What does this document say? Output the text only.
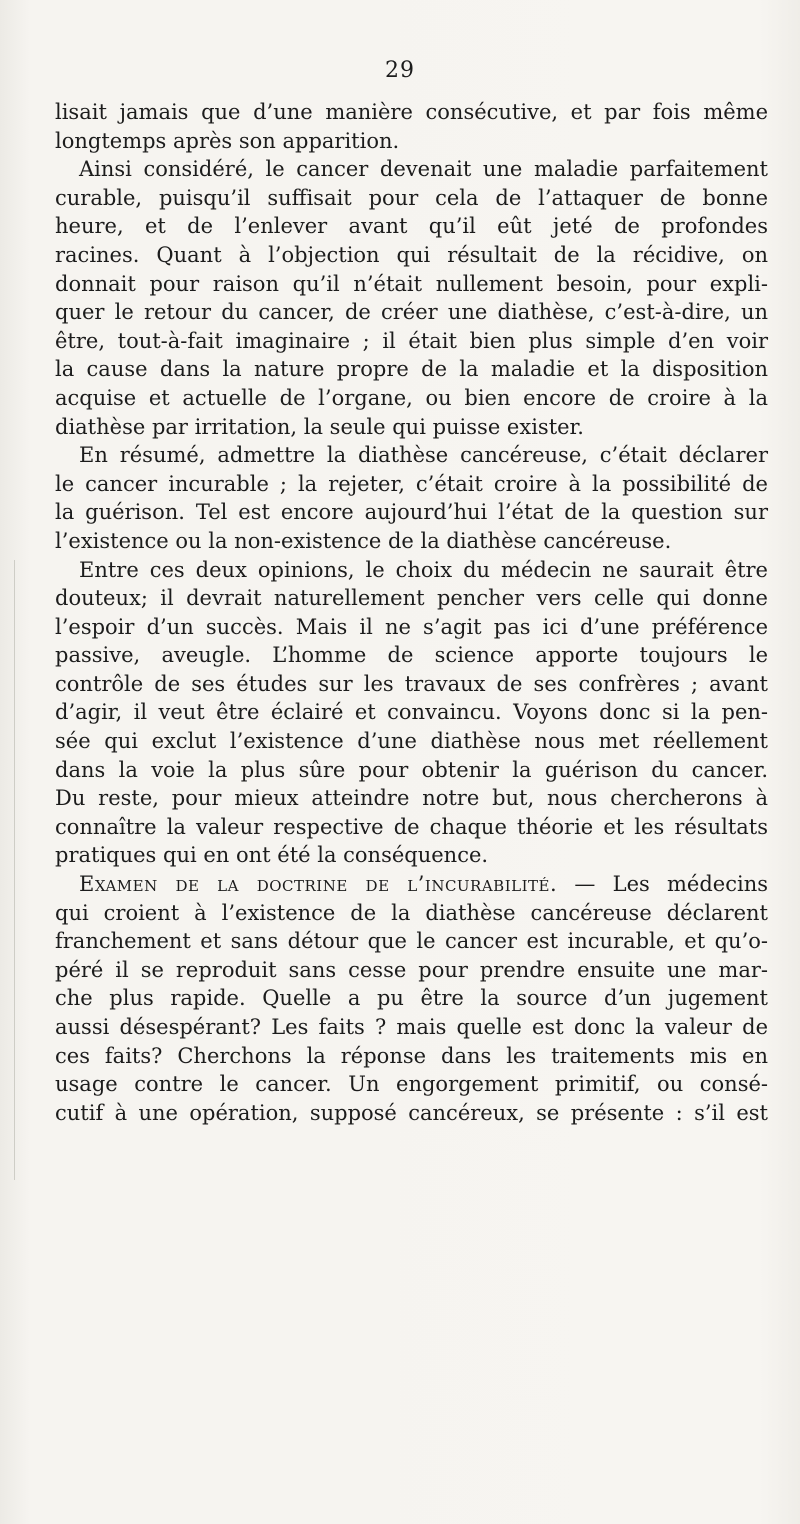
29
lisait jamais que d’une manière consécutive, et par fois même
longtemps après son apparition.
Ainsi considéré, le cancer devenait une maladie parfaitement
curable, puisqu’il suffisait pour cela de l’attaquer de bonne
heure, et de l’enlever avant qu’il eût jeté de profondes
racines. Quant à l’objection qui résultait de la récidive, on
donnait pour raison qu’il n’était nullement besoin, pour expli-
quer le retour du cancer, de créer une diathèse, c’est-à-dire, un
être, tout-à-fait imaginaire ; il était bien plus simple d’en voir
la cause dans la nature propre de la maladie et la disposition
acquise et actuelle de l’organe, ou bien encore de croire à la
diathèse par irritation, la seule qui puisse exister.
En résumé, admettre la diathèse cancéreuse, c’était déclarer
le cancer incurable ; la rejeter, c’était croire à la possibilité de
la guérison. Tel est encore aujourd’hui l’état de la question sur
l’existence ou la non-existence de la diathèse cancéreuse.
Entre ces deux opinions, le choix du médecin ne saurait être
douteux; il devrait naturellement pencher vers celle qui donne
l’espoir d’un succès. Mais il ne s’agit pas ici d’une préférence
passive, aveugle. L’homme de science apporte toujours le
contrôle de ses études sur les travaux de ses confrères ; avant
d’agir, il veut être éclairé et convaincu. Voyons donc si la pen-
sée qui exclut l’existence d’une diathèse nous met réellement
dans la voie la plus sûre pour obtenir la guérison du cancer.
Du reste, pour mieux atteindre notre but, nous chercherons à
connaître la valeur respective de chaque théorie et les résultats
pratiques qui en ont été la conséquence.
Examen de la doctrine de l’incurabilité. — Les médecins
qui croient à l’existence de la diathèse cancéreuse déclarent
franchement et sans détour que le cancer est incurable, et qu’o-
péré il se reproduit sans cesse pour prendre ensuite une mar-
che plus rapide. Quelle a pu être la source d’un jugement
aussi désespérant? Les faits ? mais quelle est donc la valeur de
ces faits? Cherchons la réponse dans les traitements mis en
usage contre le cancer. Un engorgement primitif, ou consé-
cutif à une opération, supposé cancéreux, se présente : s’il est
